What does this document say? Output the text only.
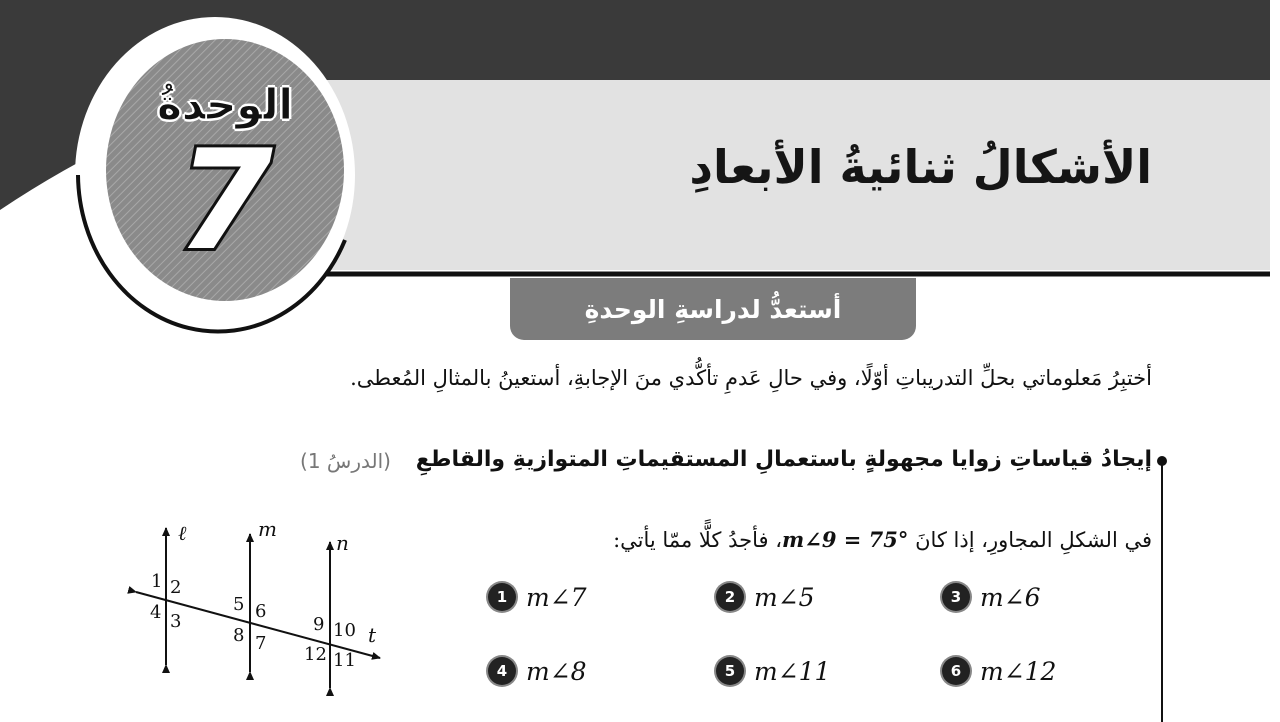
الوحدةُ
7	الأشكالُ ثنائيةُ الأبعادِ
أستعدُّ لدراسةِ الوحدةِ
أختبِرُ مَعلوماتي بحلِّ التدريباتِ أوّلًا، وفي حالِ عَدمِ تأكُّدي منَ الإجابةِ، أستعينُ بالمثالِ المُعطى.
إيجادُ قياساتِ زوايا مجهولةٍ باستعمالِ المستقيماتِ المتوازيةِ والقاطعِ
(الدرسُ 1)
في الشكلِ المجاورِ، إذا كانَ m∠9 = 75°، فأجدُ كلًّا ممّا يأتي:
3 m∠6
2 m∠5
1 m∠7
6 m∠12
5 m∠11
4 m∠8
ℓ	m
n
t
1 2
3
4	5 6
7
8
9 10
11
12
